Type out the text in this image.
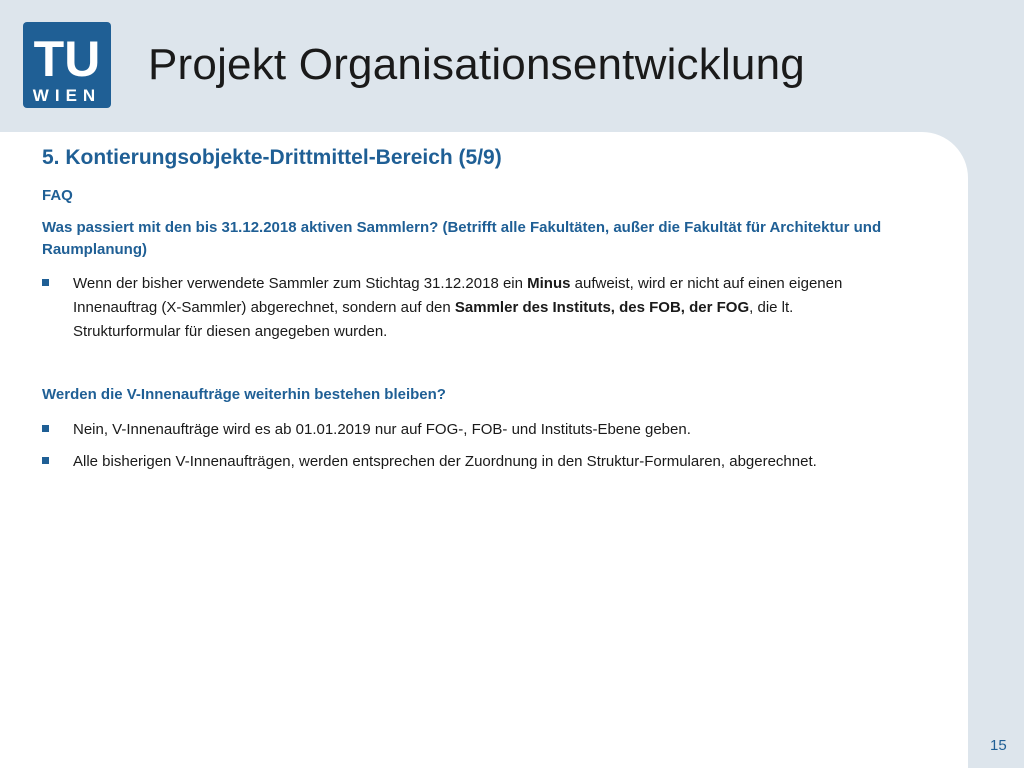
TU
WIEN
Projekt Organisationsentwicklung
5. Kontierungsobjekte-Drittmittel-Bereich (5/9)
FAQ
Was passiert mit den bis 31.12.2018 aktiven Sammlern? (Betrifft alle Fakultäten, außer die Fakultät für Architektur und Raumplanung)
Wenn der bisher verwendete Sammler zum Stichtag 31.12.2018 ein Minus aufweist, wird er nicht auf einen eigenen Innenauftrag (X-Sammler) abgerechnet, sondern auf den Sammler des Instituts, des FOB, der FOG, die lt. Strukturformular für diesen angegeben wurden.
Werden die V-Innenaufträge weiterhin bestehen bleiben?
Nein, V-Innenaufträge wird es ab 01.01.2019 nur auf FOG-, FOB- und Instituts-Ebene geben.
Alle bisherigen V-Innenaufträgen, werden entsprechen der Zuordnung in den Struktur-Formularen, abgerechnet.
15
